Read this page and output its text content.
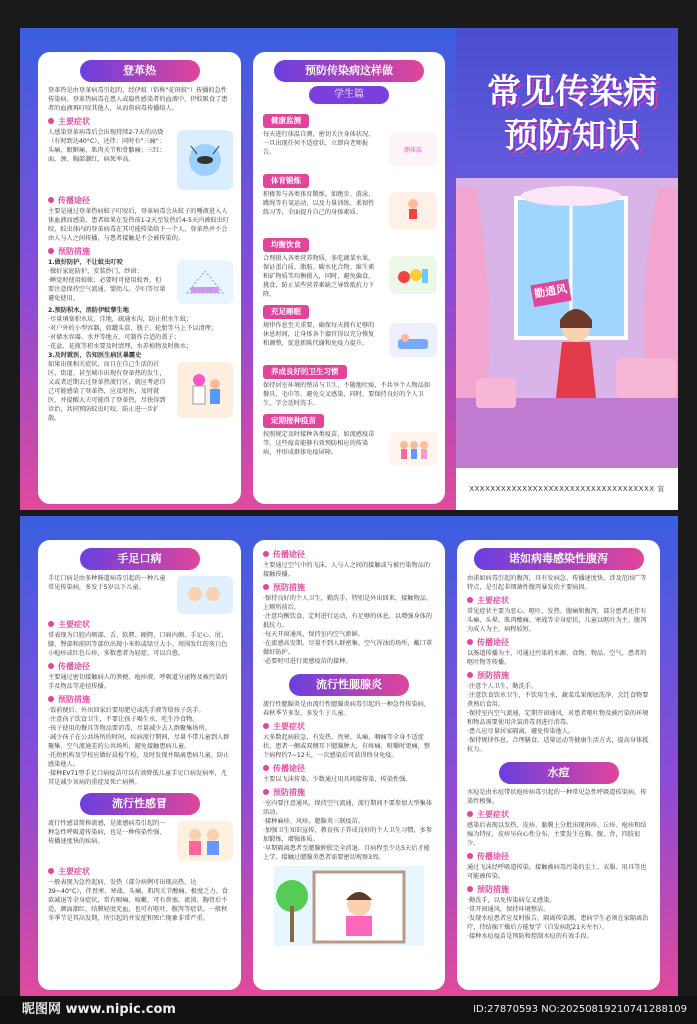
登革热
登革热是由登革病毒引起的，经伊蚊（俗称"花斑蚊"）传播的急性传染病。登革热病毒在患人或隐性感染者的血液中，伊蚊吸食了患者的血液再叮咬其他人，从而将病毒传播给人。
主要症状
人感染登革病毒后会出现持续2-7天的高烧（有时到达40°C），还伴：同时有"三痛"：头痛、眼眶痛、肌肉关节和骨骼痛；三红：面、颈、胸部潮红，病死率高。
传播途径
主要是通过登革热病蚊子叮咬后，登革病毒会从蚊子的唾液进入人体血液而感染。患者如果在发热前1-2天至发热后4-5天内被蚊虫叮咬，蚊虫体内的登革病毒在其可能传染给下一个人，登革热并不会由人与人之间传播，与患者接触是不会被传染的。
预防措施
1.做好防护，不让蚊虫叮咬
·做好家庭防护，安装纱门、纱窗；
·睡觉时使用蚊帐；必要时可使用蚊香，但要注意保持空气流通。婴幼儿、孕妇等尽量避免使用。
2.预防积水，消防伊蚊孳生地
·尽量填塞积水坑、洼地，疏通水沟，防止积水生蚊；
·对户外的小型容器，如罐头盒、瓶子、轮胎等马上予以清理；
·对储水容器、水井等地方，可制作合适的盖子；
·花盆、花瓶等积水要及时清理，水养植物及时换水；
3.及时就医，告知医生病区暴露史
如果出现相关症状，而且在自己生活的社区、街道、甚至城市出现有登革热的发生，又或者近期去过登革热流行区，就应考虑自己可能感染了登革热，应及时医，及时就医，并提醒大夫可能得了登革热，尽快得到诊治，共同预防蚊虫叮咬，防止进一步扩散。
预防传染病这样做
学生篇
健康监测
每天进行体温自测，密切关注身体状况，一旦出现任何不适症状，立即向老师报告。	测体温
体育锻炼
积极参与各类体育锻炼，如跑步、游泳、跳绳等有氧运动，以及力量训练、柔韧性练习等，全面提升自己的身体素质。
均衡饮食
合理摄入各类营养物质，多吃蔬菜水果，保证蛋白质、脂肪、碳水化合物、维生素和矿物质等均衡摄入，同时，避免偏食、挑食，防止某些营养素缺乏导致抵抗力下降。
充足睡眠
规律作息至关重要，确保每天拥有足够的休息时间，让身体各个器官得以充分恢复和调整，促进新陈代谢和免疫力提升。
养成良好的卫生习惯
保持居室环境的整洁与卫生，不随地吐痰，不共享个人物品如餐具、毛巾等，避免交叉感染，同时，要保持良好的个人卫生，学会适时洗手。
定期接种疫苗
按照规定及时接种各类疫苗，如流感疫苗等，这些疫苗能够有效预防相应的传染病，并形成群体免疫屏障。
常见传染病
预防知识
勤通风
XXXXXXXXXXXXXXXXXXXXXXXXXXXXXXXXXXX 宣
手足口病
手足口病是由多种肠道病毒引起的一种儿童常见传染病，多发于5岁以下儿童。
主要症状
常表现为口腔内颊部、舌、软腭、硬腭、口唇内侧、手足心、肘、膝、臀部和前阴等部位出现小米粒或绿豆大小、周围发红的灰白色小疱疹或红色丘疹，多数患者为轻症，可以自愈。
传播途径
主要通过密切接触病人的粪便、疱疹液、呼吸道分泌物及被污染的手及物品等途径传播。
预防措施
·饭前便后、外出回家后要用肥皂或洗手液等给孩子洗手。
·注意孩子饮食卫生，不要让孩子喝生水、吃生冷食物。
·孩子使用的餐具等物品要消毒，尽量减少去人群聚集场所。
·减少孩子在公共场所的时间，疾病流行期间，尽量不带儿童到人群聚集、空气流通差的公共场所，避免接触患病儿童。
·托幼机构及学校应做好晨检午检，及时发现并隔离患病儿童，防止感染他人。
·接种EV71型手足口病疫苗可以有效降低儿童手足口病发病率，尤其是减少该病的重症及死亡病例。
流行性感冒
流行性感冒简称流感，是流感病毒引起的一种急性呼吸道传染病，也是一种传染性强、传播速度快的疾病。
主要症状
一般表现为急性起病、发热（部分病例可出现高热，达39~40°C），伴畏寒、寒战、头痛、肌肉关节酸痛、极度乏力、食欲减退等全身症状，常有咽痛、咳嗽，可有鼻塞、流涕、胸骨后不适，颜面潮红，结膜轻度充血，也可有呕吐、腹泻等症状。一般秋冬季节是其高发期，所引起的并发症和死亡现象非常严重。
传播途径
主要通过空气中的飞沫，人与人之间的接触或与被污染物品的接触传播。
预防措施
·保持良好的个人卫生，勤洗手，特别是外出回来、接触物品、上厕所前后。
·注意均衡饮食，定时进行运动，有足够的休息，以增强身体的抵抗力。
·每天开窗通风，保持室内空气新鲜。
·在流感高发期，尽量不到人群密集、空气浑浊的场所，戴口罩做好防护。
·必要时可进行流感疫苗的接种。
流行性腮腺炎
流行性腮腺炎是由流行性腮腺炎病毒引起的一种急性传染病，春秋季节多发，多发生于儿童。
主要症状
大多数起病较急，有发热、畏寒、头痛、咽痛等全身不适症状，患者一侧或双侧耳下腮腺肿大，有疼痛、咀嚼时更痛，整个病程约7~12天，一次感染后可获得终身免疫。
传播途径
主要以飞沫传染，少数通过用具间接传染，传染性强。
预防措施
·室内要注意通风，保持空气流通，流行期间不要参加大型集体活动。
·接种麻疹、风疹、腮腺炎三联疫苗。
·加强卫生知识宣传，教育孩子养成良好的个人卫生习惯，多参加锻炼，增强体质。
·早期隔离患者至腮腺肿胀完全消退，且病程至少达5天后才能上学。接触过腮腺炎患者需要密切观察3周。
诺如病毒感染性腹泻
由诺如病毒引起的腹泻，具有发病急、传播速度快、涉及范围广等特点，是引起非细菌性腹泻暴发的主要病因。
主要症状
常见症状主要为恶心、呕吐、发热、腹痛和腹泻，部分患者还伴有头痛、头晕、肌肉酸痛、寒战等全身症状，儿童以呕吐为主，腹泻为成人为主，病程较短。
传播途径
以肠道传播为主，可通过污染的水源、食物、物品、空气、患者的呕吐物等传播。
预防措施
·注意个人卫生，勤洗手。
·注意饮食饮水卫生，不饮用生水，蔬菜瓜果彻底洗净，烹饪食物要煮熟后食用。
·保持室内空气流通，定期开窗通风，对患者呕吐物及被污染的环境和物品需要使用含氯消毒剂进行消毒。
·患儿应尽量居家隔离，避免传染他人。
·保持规律作息，合理膳食，适量运动等健康生活方式，提高身体抵抗力。
水痘
水痘是由水痘带状疱疹病毒引起的一种常见急性呼吸道传染病，传染性极强。
主要症状
感染后表现以发热、皮疹、黏膜上分批出现斑疹、丘疹、疱疹和结痂为特征，皮疹呈向心性分布，主要发生在胸、腹、背，四肢很少。
传播途径
通过飞沫经呼吸道传染，接触被病毒污染的尘土、衣服、用具等也可能被传染。
预防措施
·勤洗手，以免传染病交叉感染。
·常开窗通风，保持环境整洁。
·发现水痘患者应及时报告，隔离传染源，患病学生必须在家隔离治疗，待结痂干燥后方能复学（自发病起21天左右）。
·接种水痘疫苗是预防和控制水痘的有效手段。
昵图网 www.nipic.com	ID:27870593 NO:20250819210741288109
